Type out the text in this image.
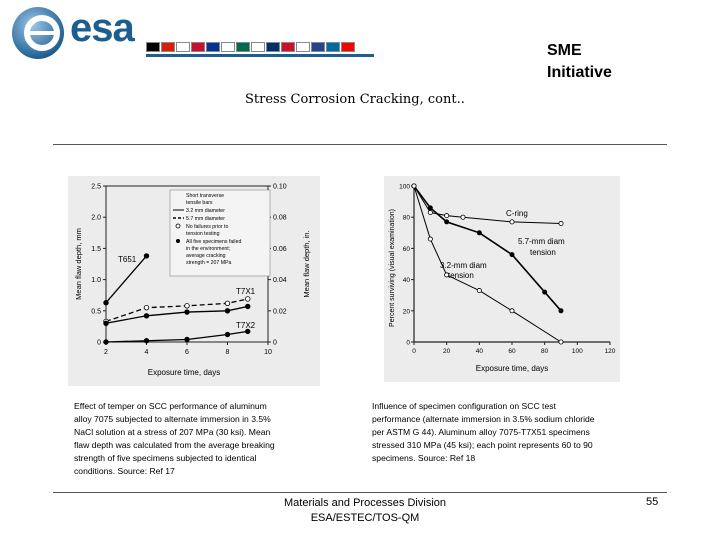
esa
SME
Initiative
Stress Corrosion Cracking, cont..
0
0.5
1.0
1.5
2.0
2.5
0
0.02
0.04
0.06
0.08
0.10
2	4	6	8	10
Short transverse
tensile bars
3.2 mm diameter
5.7 mm diameter
No failures prior to
tension testing
All five specimens failed
in the environment;
average cracking
strength = 207 MPa
T651
T7X1
T7X2
Exposure time, days
Mean flaw depth, mm	Mean flaw depth, in.
0
20
40
60
80
100
0	20	40	60	80	100	120
C-ring
5.7-mm diam
tension
3.2-mm diam
tension
Exposure time, days
Percent surviving (visual examination)
Effect of temper on SCC performance of aluminum
alloy 7075 subjected to alternate immersion in 3.5%
NaCl solution at a stress of 207 MPa (30 ksi). Mean
flaw depth was calculated from the average breaking
strength of five specimens subjected to identical
conditions. Source: Ref 17
Influence of specimen configuration on SCC test
performance (alternate immersion in 3.5% sodium chloride
per ASTM G 44). Aluminum alloy 7075-T7X51 specimens
stressed 310 MPa (45 ksi); each point represents 60 to 90
specimens. Source: Ref 18
Materials and Processes Division
ESA/ESTEC/TOS-QM
55
